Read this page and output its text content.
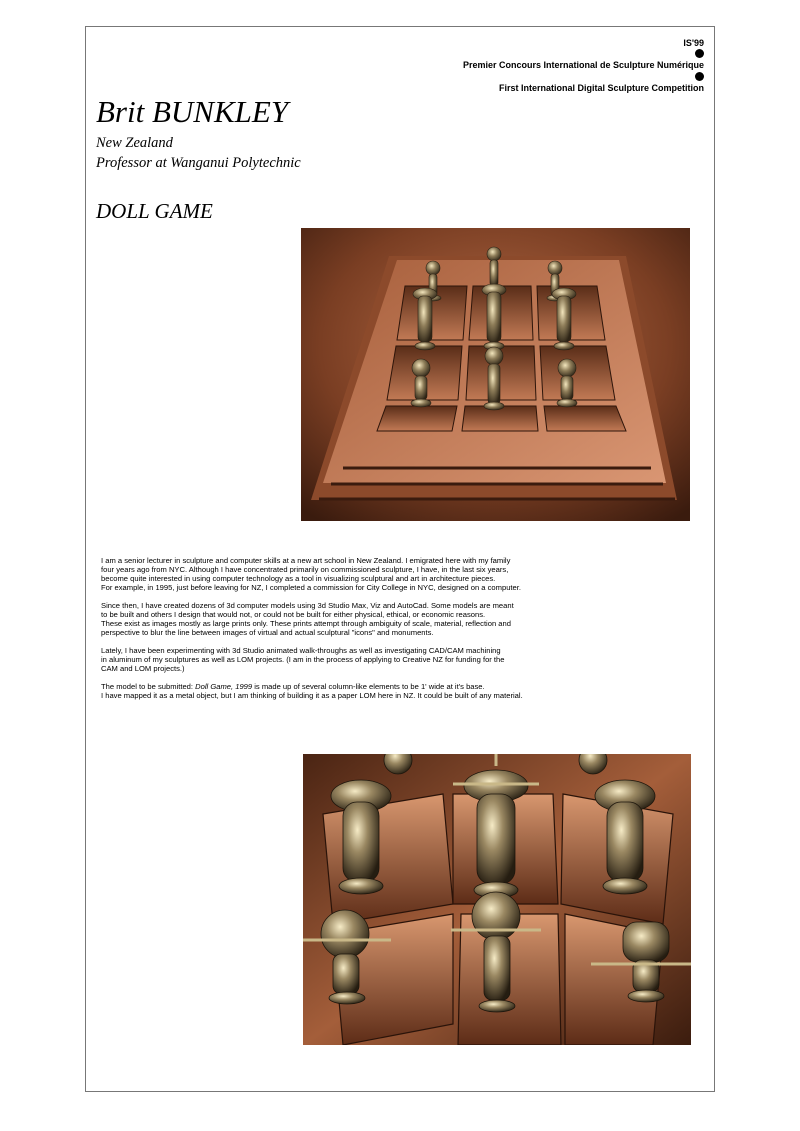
IS'99
Premier Concours International de Sculpture Numérique
First International Digital Sculpture Competition
Brit BUNKLEY
New Zealand
Professor at Wanganui Polytechnic
DOLL GAME

I am a senior lecturer in sculpture and computer skills at a new art school in New Zealand. I emigrated here with my family
four years ago from NYC. Although I have concentrated primarily on commissioned sculpture, I have, in the last six years,
become quite interested in using computer technology as a tool in visualizing sculptural and art in architecture pieces.
For example, in 1995, just before leaving for NZ, I completed a commission for City College in NYC, designed on a computer.

Since then, I have created dozens of 3d computer models using 3d Studio Max, Viz and AutoCad. Some models are meant
to be built and others I design that would not, or could not be built for either physical, ethical, or economic reasons.
These exist as images mostly as large prints only. These prints attempt through ambiguity of scale, material, reflection and
perspective to blur the line between images of virtual and actual sculptural "icons" and monuments.

Lately, I have been experimenting with 3d Studio animated walk-throughs as well as investigating CAD/CAM machining
in aluminum of my sculptures as well as LOM projects. (I am in the process of applying to Creative NZ for funding for the
CAM and LOM projects.)

The model to be submitted: Doll Game, 1999 is made up of several column-like elements to be 1' wide at it's base.
I have mapped it as a metal object, but I am thinking of building it as a paper LOM here in NZ. It could be built of any material.
